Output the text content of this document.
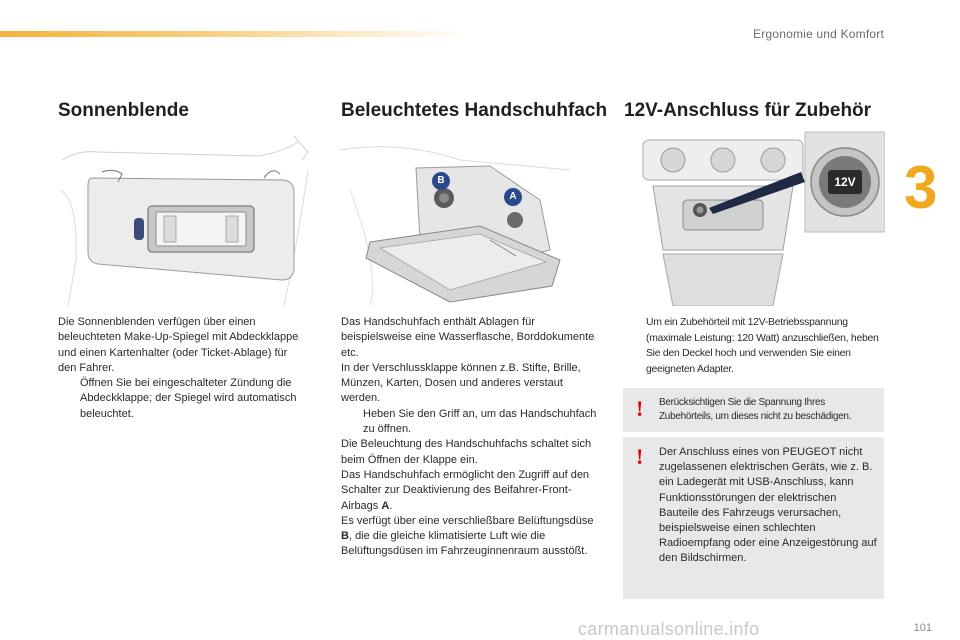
Ergonomie und Komfort
3
Sonnenblende	Beleuchtetes Handschuhfach 12V-Anschluss für Zubehör
B
A
12V

Die Sonnenblenden verfügen über einen beleuchteten Make-Up-Spiegel mit Abdeckklappe und einen Kartenhalter (oder Ticket-Ablage) für den Fahrer.

Öffnen Sie bei eingeschalteter Zündung die Abdeckklappe; der Spiegel wird automatisch beleuchtet.

Das Handschuhfach enthält Ablagen für beispielsweise eine Wasserflasche, Borddokumente etc.

In der Verschlussklappe können z.B. Stifte, Brille, Münzen, Karten, Dosen und anderes verstaut werden.

Heben Sie den Griff an, um das Handschuhfach zu öffnen.

Die Beleuchtung des Handschuhfachs schaltet sich beim Öffnen der Klappe ein.

Das Handschuhfach ermöglicht den Zugriff auf den Schalter zur Deaktivierung des Beifahrer-Front-Airbags A.

Es verfügt über eine verschließbare Belüftungsdüse B, die die gleiche klimatisierte Luft wie die Belüftungsdüsen im Fahrzeuginnenraum ausstößt.

Um ein Zubehörteil mit 12V-Betriebsspannung (maximale Leistung: 120 Watt) anzuschließen, heben Sie den Deckel hoch und verwenden Sie einen geeigneten Adapter.

! Berücksichtigen Sie die Spannung Ihres Zubehörteils, um dieses nicht zu beschädigen.
! Der Anschluss eines von PEUGEOT nicht zugelassenen elektrischen Geräts, wie z. B. ein Ladegerät mit USB-Anschluss, kann Funktionsstörungen der elektrischen Bauteile des Fahrzeugs verursachen, beispielsweise einen schlechten Radioempfang oder eine Anzeigestörung auf den Bildschirmen.
101
carmanualsonline.info
